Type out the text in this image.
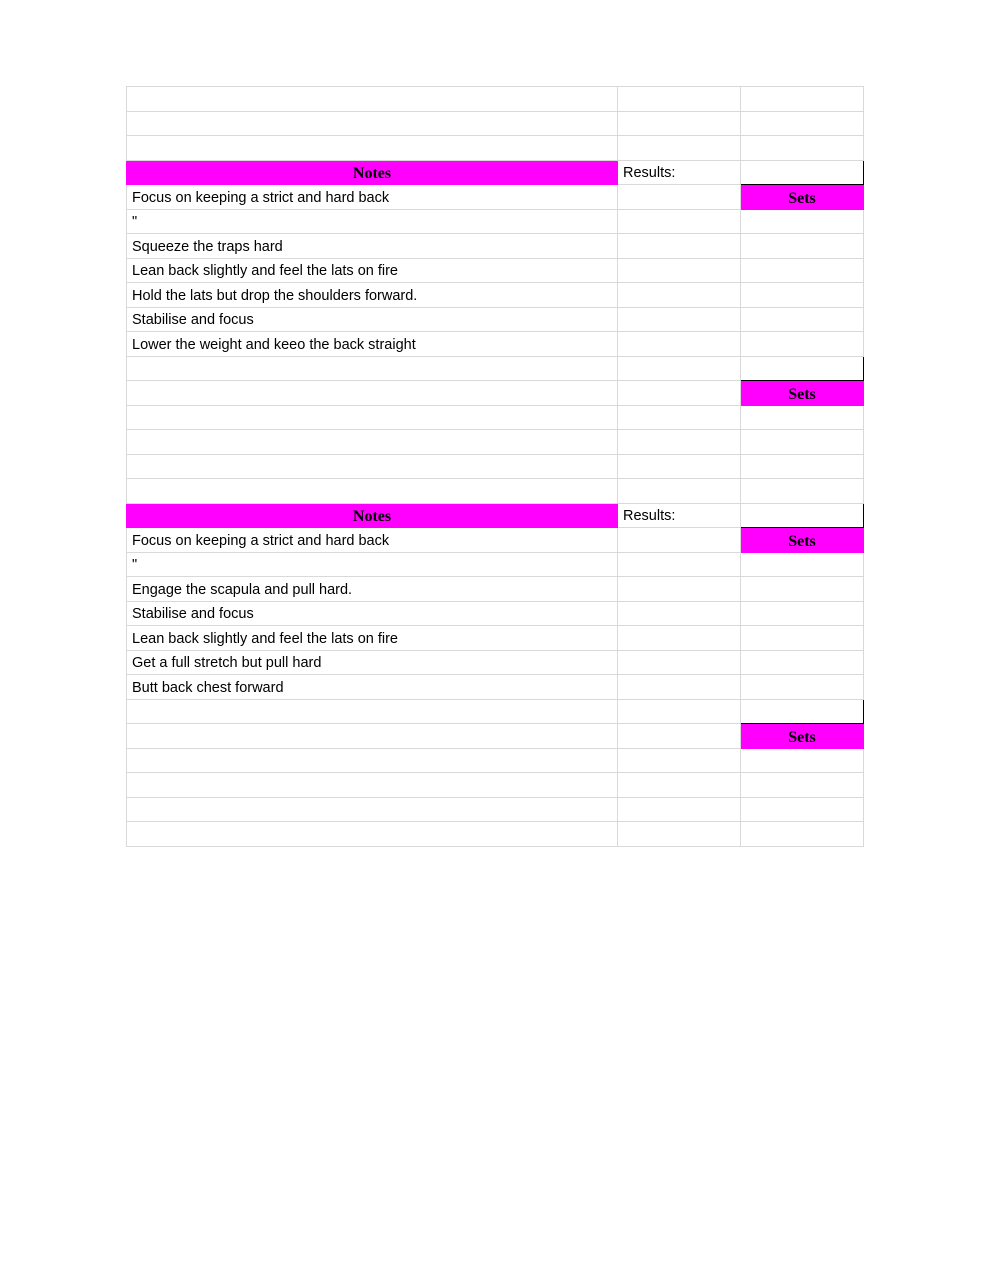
Notes	Results:	
Focus on keeping a strict and hard back		Sets
"		
Squeeze the traps hard		
Lean back slightly and feel the lats on fire		
Hold the lats but drop the shoulders forward.		
Stabilise and focus		
Lower the weight and keeo the back straight		

		Sets

Notes	Results:	
Focus on keeping a strict and hard back		Sets
"		
Engage the scapula and pull hard.		
Stabilise and focus		
Lean back slightly and feel the lats on fire		
Get a full stretch but pull hard		
Butt back chest forward		

		Sets
